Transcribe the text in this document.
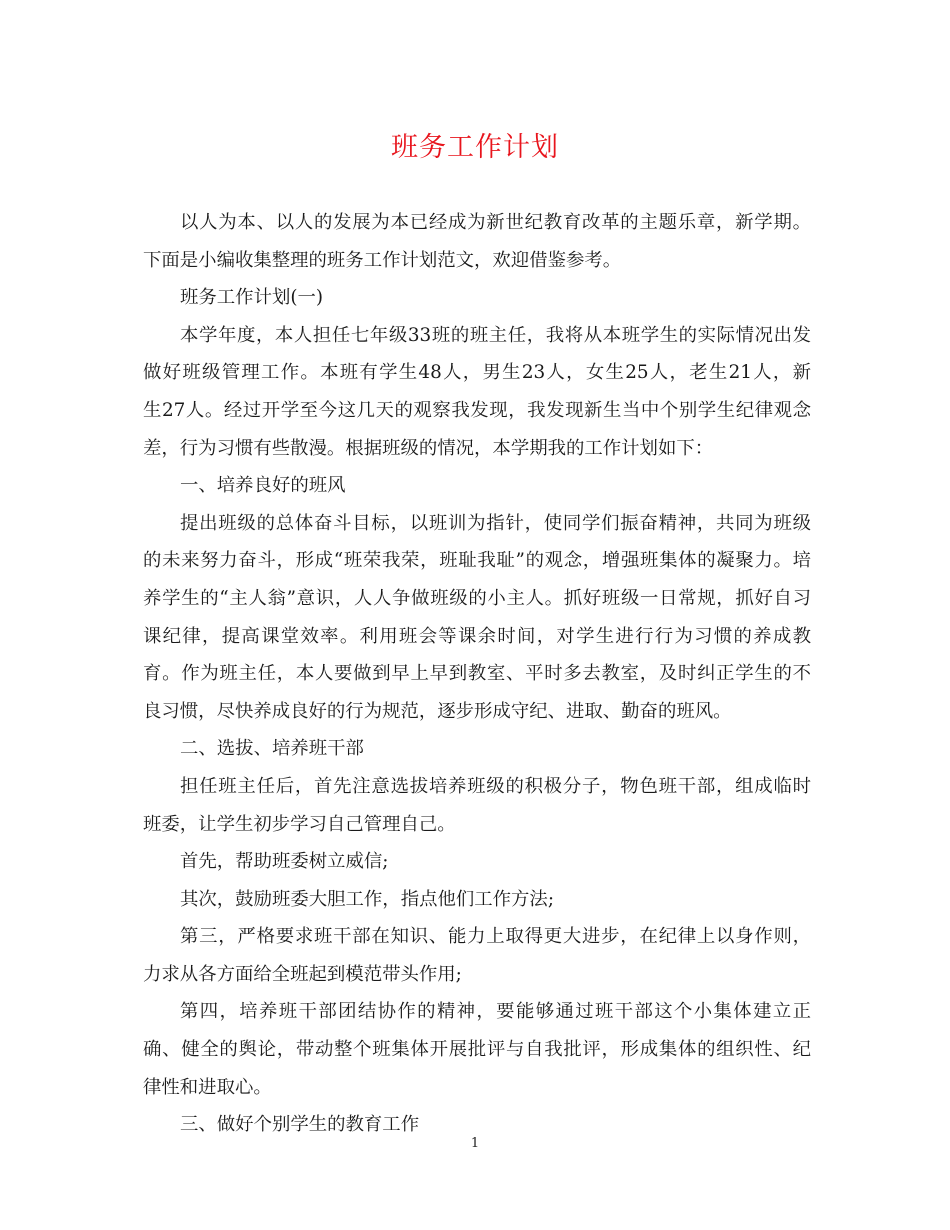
班务工作计划
以人为本、以人的发展为本已经成为新世纪教育改革的主题乐章，新学期。
下面是小编收集整理的班务工作计划范文，欢迎借鉴参考。
班务工作计划(一)
本学年度，本人担任七年级33班的班主任，我将从本班学生的实际情况出发
做好班级管理工作。本班有学生48人，男生23人，女生25人，老生21人，新
生27人。经过开学至今这几天的观察我发现，我发现新生当中个别学生纪律观念
差，行为习惯有些散漫。根据班级的情况，本学期我的工作计划如下：
一、培养良好的班风
提出班级的总体奋斗目标，以班训为指针，使同学们振奋精神，共同为班级
的未来努力奋斗，形成“班荣我荣，班耻我耻”的观念，增强班集体的凝聚力。培
养学生的“主人翁”意识，人人争做班级的小主人。抓好班级一日常规，抓好自习
课纪律，提高课堂效率。利用班会等课余时间，对学生进行行为习惯的养成教
育。作为班主任，本人要做到早上早到教室、平时多去教室，及时纠正学生的不
良习惯，尽快养成良好的行为规范，逐步形成守纪、进取、勤奋的班风。
二、选拔、培养班干部
担任班主任后，首先注意选拔培养班级的积极分子，物色班干部，组成临时
班委，让学生初步学习自己管理自己。
首先，帮助班委树立威信;
其次，鼓励班委大胆工作，指点他们工作方法;
第三，严格要求班干部在知识、能力上取得更大进步，在纪律上以身作则，
力求从各方面给全班起到模范带头作用;
第四，培养班干部团结协作的精神，要能够通过班干部这个小集体建立正
确、健全的舆论，带动整个班集体开展批评与自我批评，形成集体的组织性、纪
律性和进取心。
三、做好个别学生的教育工作
1
